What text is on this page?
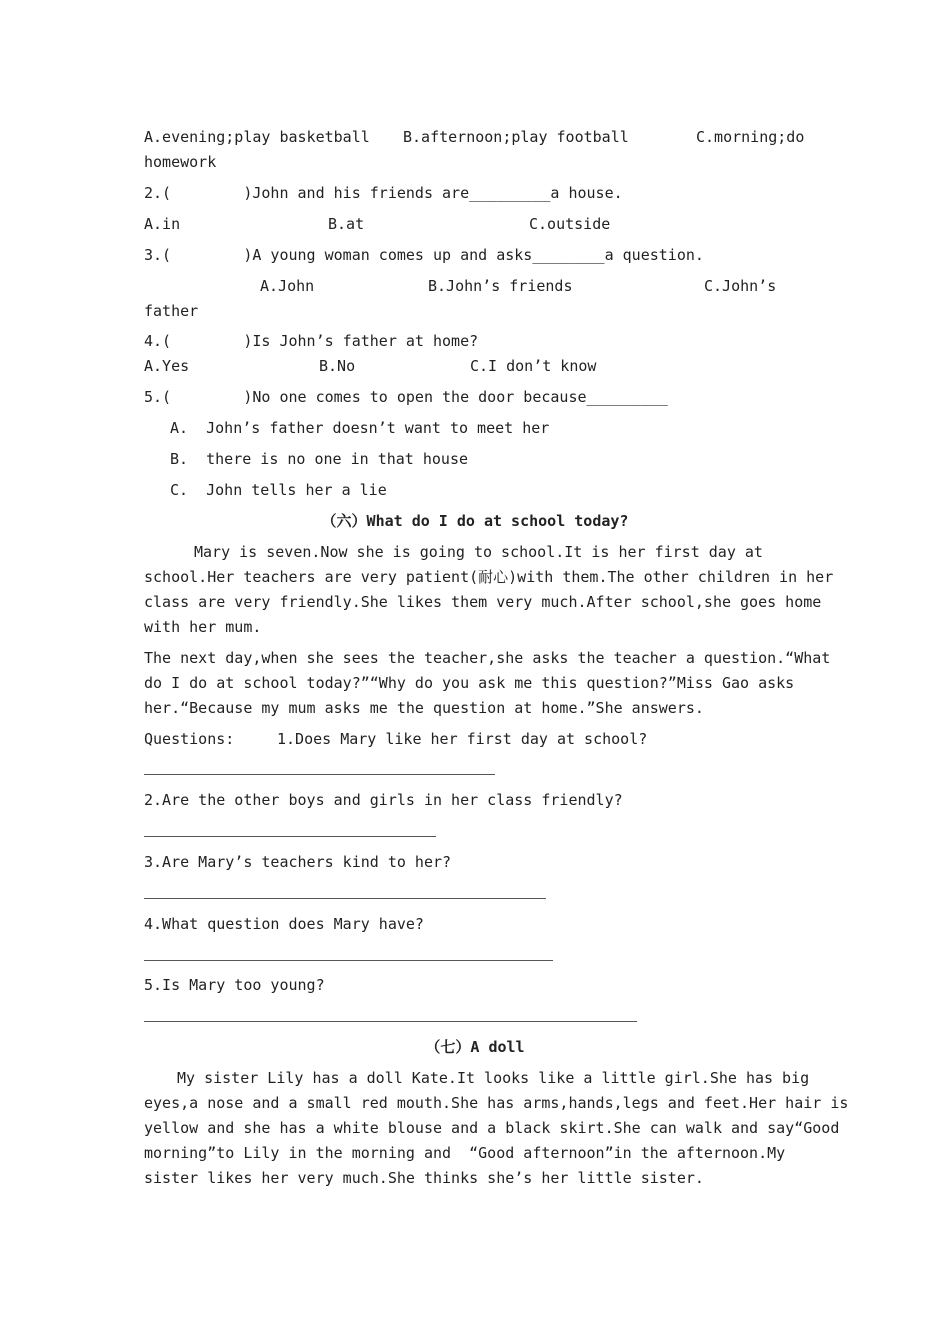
A.evening;play basketball B.afternoon;play football	C.morning;do
homework
2.(        )John and his friends are_________a house.
A.in	B.at	C.outside
3.(        )A young woman comes up and asks________a question.
A.John	B.John’s friends	C.John’s
father
4.(        )Is John’s father at home?
A.Yes	B.No	C.I don’t know
5.(        )No one comes to open the door because_________
A.  John’s father doesn’t want to meet her
B.  there is no one in that house
C.  John tells her a lie
（六）What do I do at school today?
Mary is seven.Now she is going to school.It is her first day at
school.Her teachers are very patient(耐心)with them.The other children in her
class are very friendly.She likes them very much.After school,she goes home
with her mum.
The next day,when she sees the teacher,she asks the teacher a question.“What
do I do at school today?”“Why do you ask me this question?”Miss Gao asks
her.“Because my mum asks me the question at home.”She answers.
Questions:	1.Does Mary like her first day at school?
2.Are the other boys and girls in her class friendly?
3.Are Mary’s teachers kind to her?
4.What question does Mary have?
5.Is Mary too young?
（七）A doll
My sister Lily has a doll Kate.It looks like a little girl.She has big
eyes,a nose and a small red mouth.She has arms,hands,legs and feet.Her hair is
yellow and she has a white blouse and a black skirt.She can walk and say“Good
morning”to Lily in the morning and  “Good afternoon”in the afternoon.My
sister likes her very much.She thinks she’s her little sister.
